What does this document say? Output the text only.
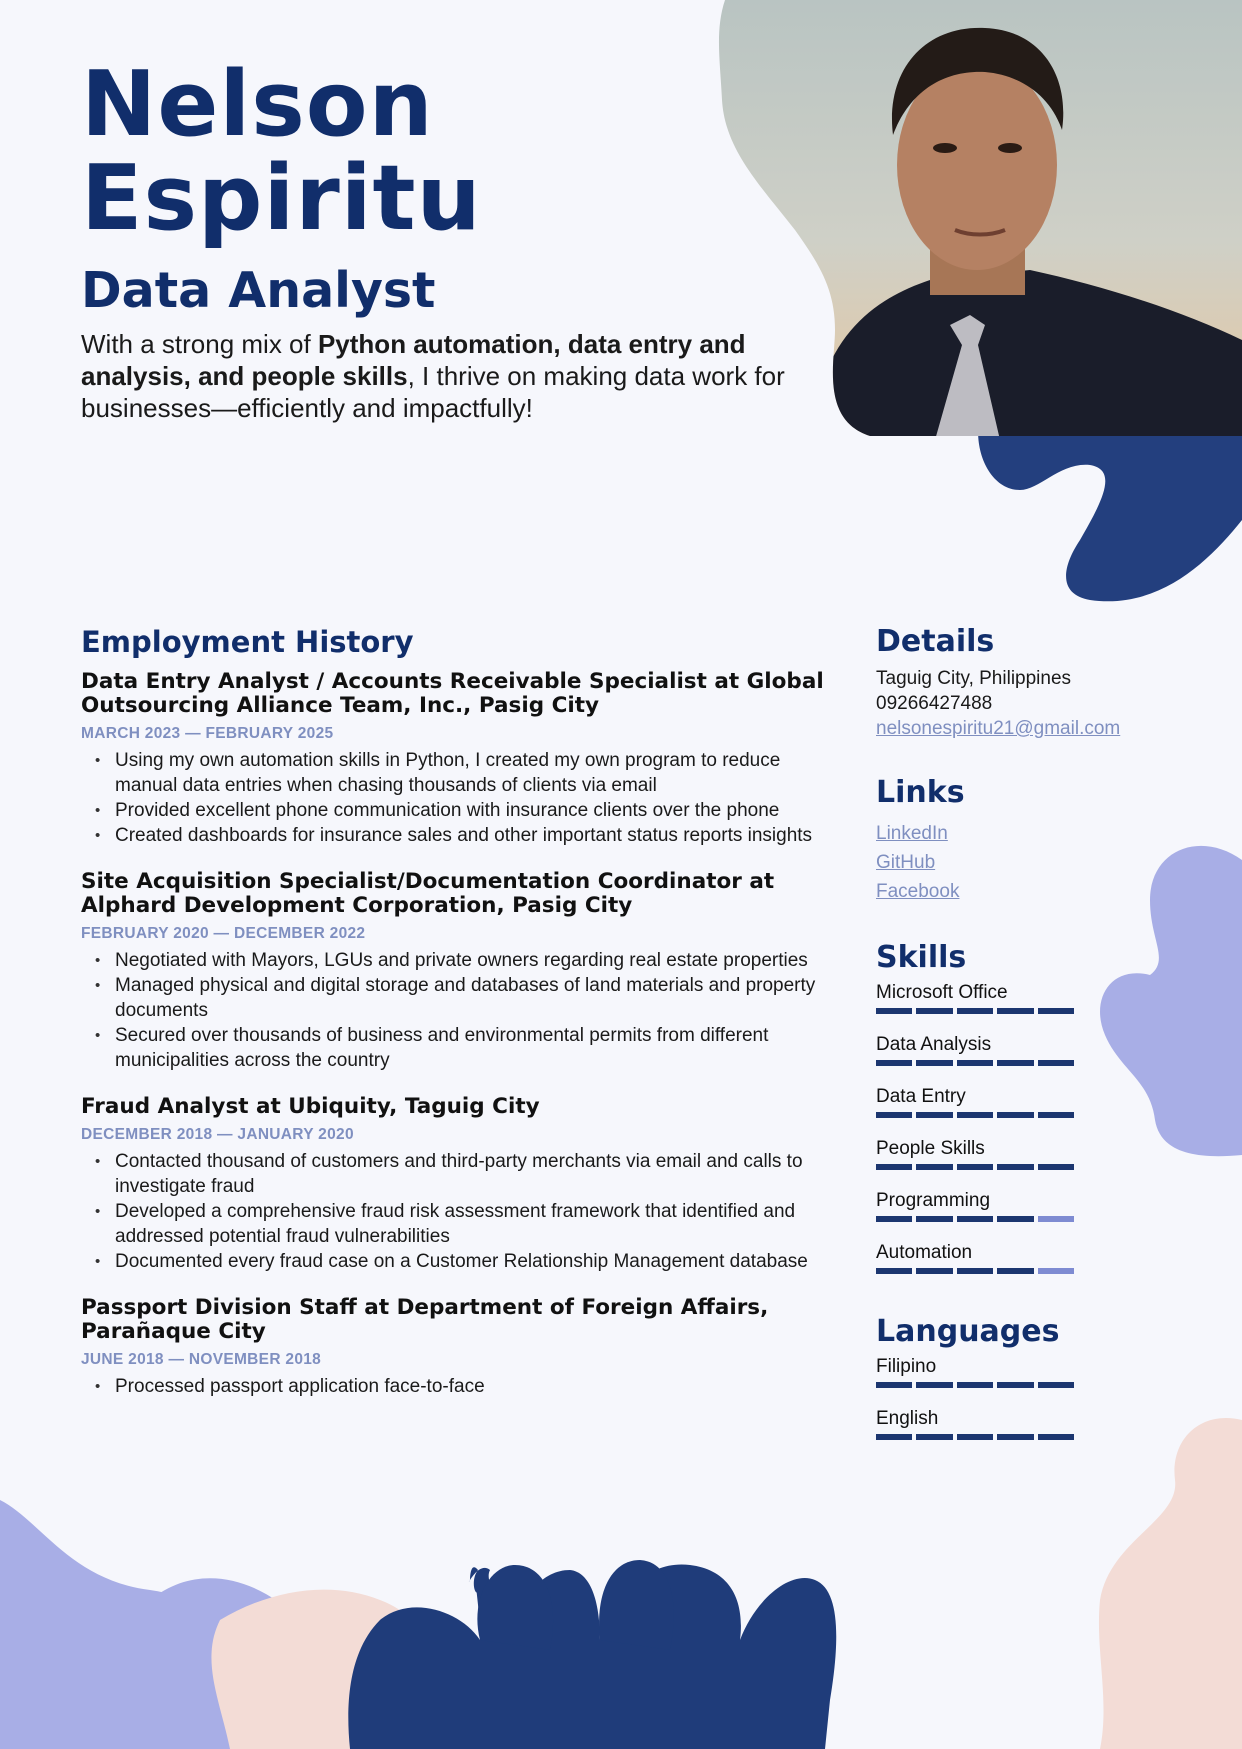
Nelson
Espiritu
Data Analyst

With a strong mix of Python automation, data entry and analysis, and people skills, I thrive on making data work for businesses—efficiently and impactfully!

Employment History
Data Entry Analyst / Accounts Receivable Specialist at Global Outsourcing Alliance Team, Inc., Pasig City
MARCH 2023 — FEBRUARY 2025
• Using my own automation skills in Python, I created my own program to reduce manual data entries when chasing thousands of clients via email
• Provided excellent phone communication with insurance clients over the phone
• Created dashboards for insurance sales and other important status reports insights
Site Acquisition Specialist/Documentation Coordinator at Alphard Development Corporation, Pasig City
FEBRUARY 2020 — DECEMBER 2022
• Negotiated with Mayors, LGUs and private owners regarding real estate properties
• Managed physical and digital storage and databases of land materials and property documents
• Secured over thousands of business and environmental permits from different municipalities across the country
Fraud Analyst at Ubiquity, Taguig City
DECEMBER 2018 — JANUARY 2020
• Contacted thousand of customers and third-party merchants via email and calls to investigate fraud
• Developed a comprehensive fraud risk assessment framework that identified and addressed potential fraud vulnerabilities
• Documented every fraud case on a Customer Relationship Management database
Passport Division Staff at Department of Foreign Affairs, Parañaque City
JUNE 2018 — NOVEMBER 2018
• Processed passport application face-to-face
Details

Taguig City, Philippines

09266427488

nelsonespiritu21@gmail.com
Links
LinkedIn
GitHub
Facebook
Skills
Microsoft Office
Data Analysis
Data Entry
People Skills
Programming
Automation
Languages
Filipino
English
